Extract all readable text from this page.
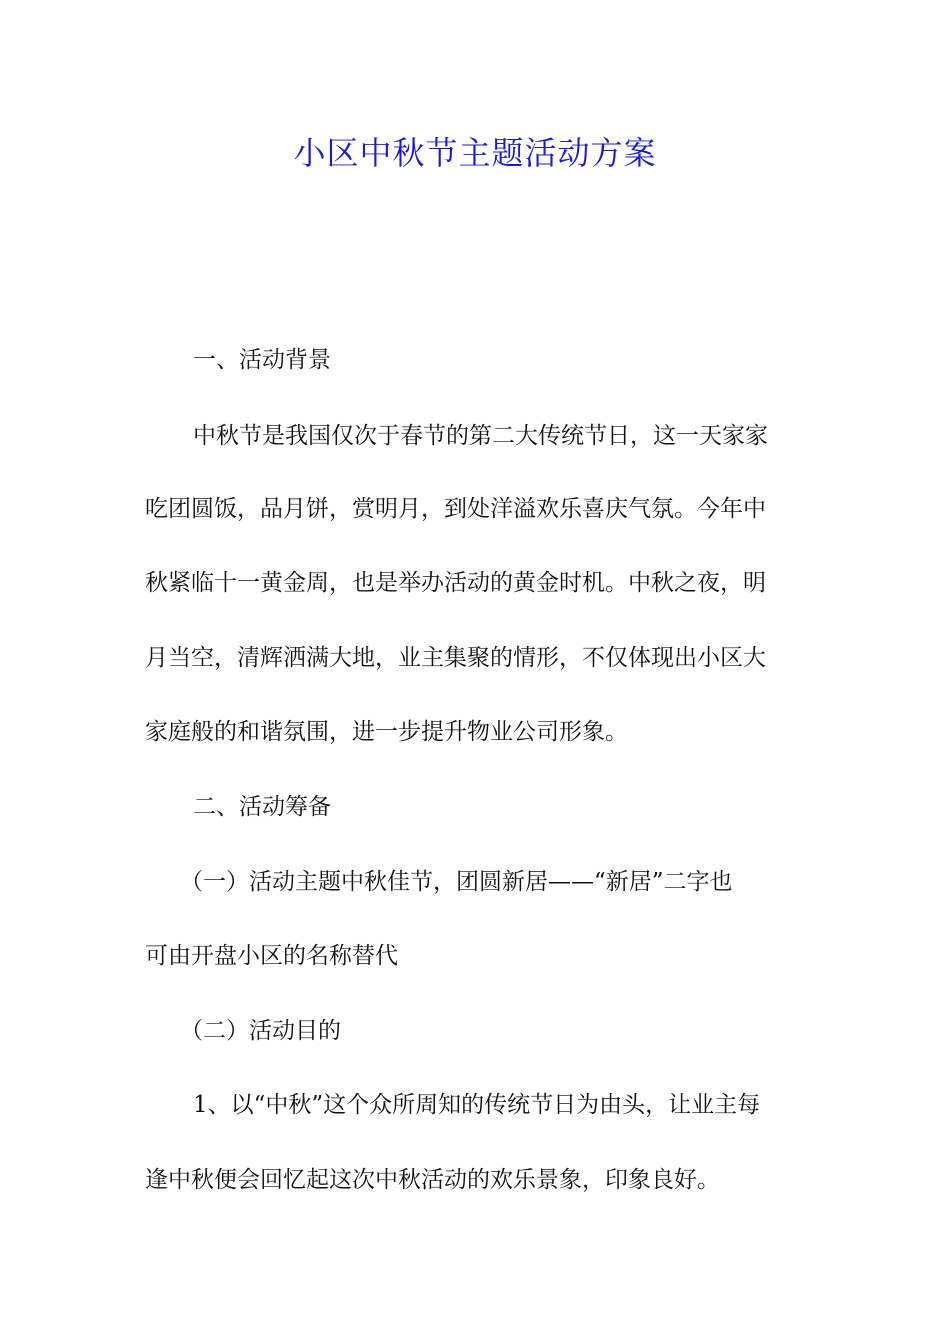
小区中秋节主题活动方案

一、活动背景

中秋节是我国仅次于春节的第二大传统节日，这一天家家

吃团圆饭，品月饼，赏明月，到处洋溢欢乐喜庆气氛。今年中

秋紧临十一黄金周，也是举办活动的黄金时机。中秋之夜，明

月当空，清辉洒满大地，业主集聚的情形，不仅体现出小区大

家庭般的和谐氛围，进一步提升物业公司形象。

二、活动筹备

（一）活动主题中秋佳节，团圆新居——“新居”二字也

可由开盘小区的名称替代

（二）活动目的

1、以“中秋”这个众所周知的传统节日为由头，让业主每

逢中秋便会回忆起这次中秋活动的欢乐景象，印象良好。
